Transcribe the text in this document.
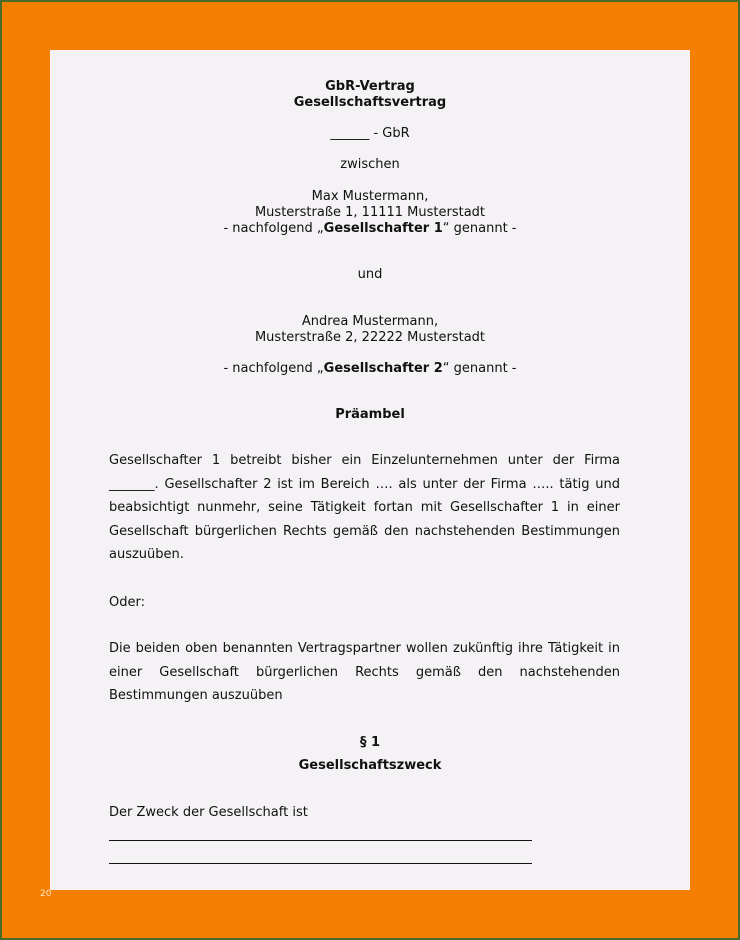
GbR-Vertrag
Gesellschaftsvertrag
______ - GbR
zwischen
Max Mustermann,
Musterstraße 1, 11111 Musterstadt
- nachfolgend „Gesellschafter 1“ genannt -
und
Andrea Mustermann,
Musterstraße 2, 22222 Musterstadt
- nachfolgend „Gesellschafter 2“ genannt -
Präambel
Gesellschafter 1 betreibt bisher ein Einzelunternehmen unter der Firma _______. Gesellschafter 2 ist im Bereich …. als unter der Firma ….. tätig und beabsichtigt nunmehr, seine Tätigkeit fortan mit Gesellschafter 1 in einer Gesellschaft bürgerlichen Rechts gemäß den nachstehenden Bestimmungen auszuüben.
Oder:
Die beiden oben benannten Vertragspartner wollen zukünftig ihre Tätigkeit in einer Gesellschaft bürgerlichen Rechts gemäß den nachstehenden Bestimmungen auszuüben
§ 1
Gesellschaftszweck
Der Zweck der Gesellschaft ist
20
